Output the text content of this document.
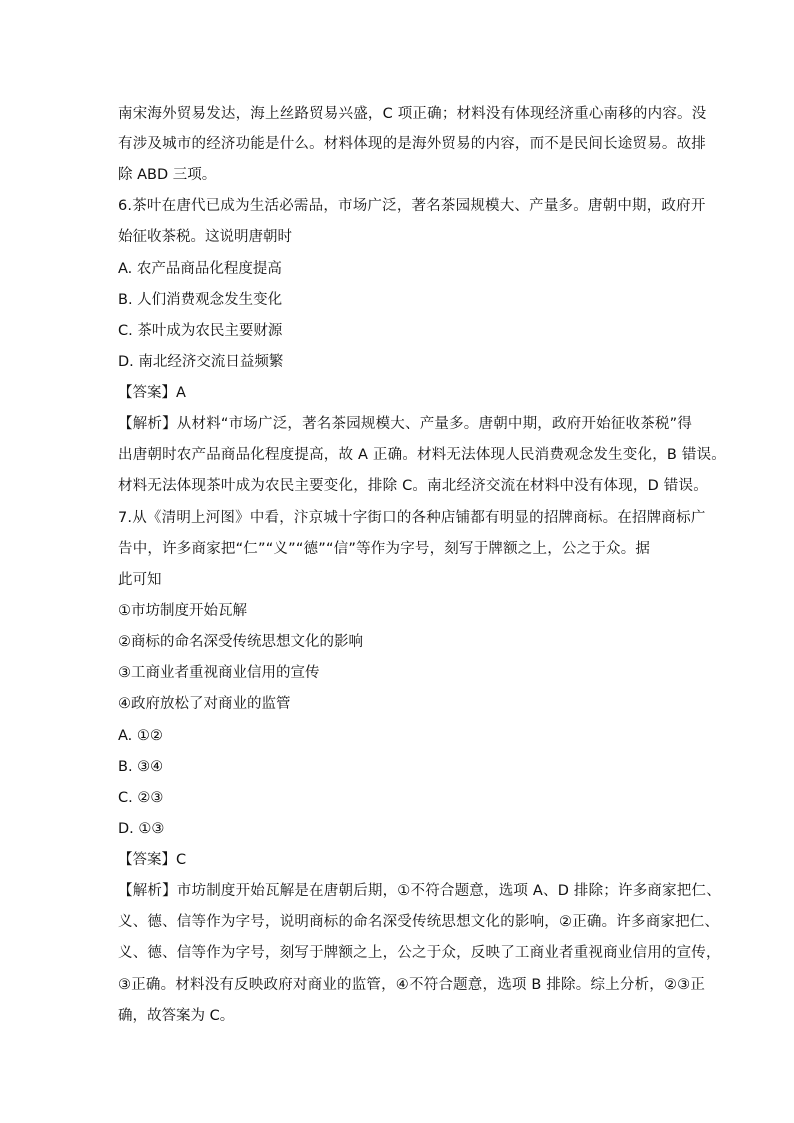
南宋海外贸易发达，海上丝路贸易兴盛，C 项正确；材料没有体现经济重心南移的内容。没
有涉及城市的经济功能是什么。材料体现的是海外贸易的内容，而不是民间长途贸易。故排
除 ABD 三项。
6.茶叶在唐代已成为生活必需品，市场广泛，著名茶园规模大、产量多。唐朝中期，政府开
始征收茶税。这说明唐朝时
A. 农产品商品化程度提高
B. 人们消费观念发生变化
C. 茶叶成为农民主要财源
D. 南北经济交流日益频繁
【答案】A
【解析】从材料“市场广泛，著名茶园规模大、产量多。唐朝中期，政府开始征收茶税”得
出唐朝时农产品商品化程度提高，故 A 正确。材料无法体现人民消费观念发生变化，B 错误。
材料无法体现茶叶成为农民主要变化，排除 C。南北经济交流在材料中没有体现，D 错误。
7.从《清明上河图》中看，汴京城十字街口的各种店铺都有明显的招牌商标。在招牌商标广
告中，许多商家把“仁”“义”“德”“信”等作为字号，刻写于牌额之上，公之于众。据
此可知
①市坊制度开始瓦解
②商标的命名深受传统思想文化的影响
③工商业者重视商业信用的宣传
④政府放松了对商业的监管
A. ①②
B. ③④
C. ②③
D. ①③
【答案】C
【解析】市坊制度开始瓦解是在唐朝后期，①不符合题意，选项 A、D 排除；许多商家把仁、
义、德、信等作为字号，说明商标的命名深受传统思想文化的影响，②正确。许多商家把仁、
义、德、信等作为字号，刻写于牌额之上，公之于众，反映了工商业者重视商业信用的宣传，
③正确。材料没有反映政府对商业的监管，④不符合题意，选项 B 排除。综上分析，②③正
确，故答案为 C。
